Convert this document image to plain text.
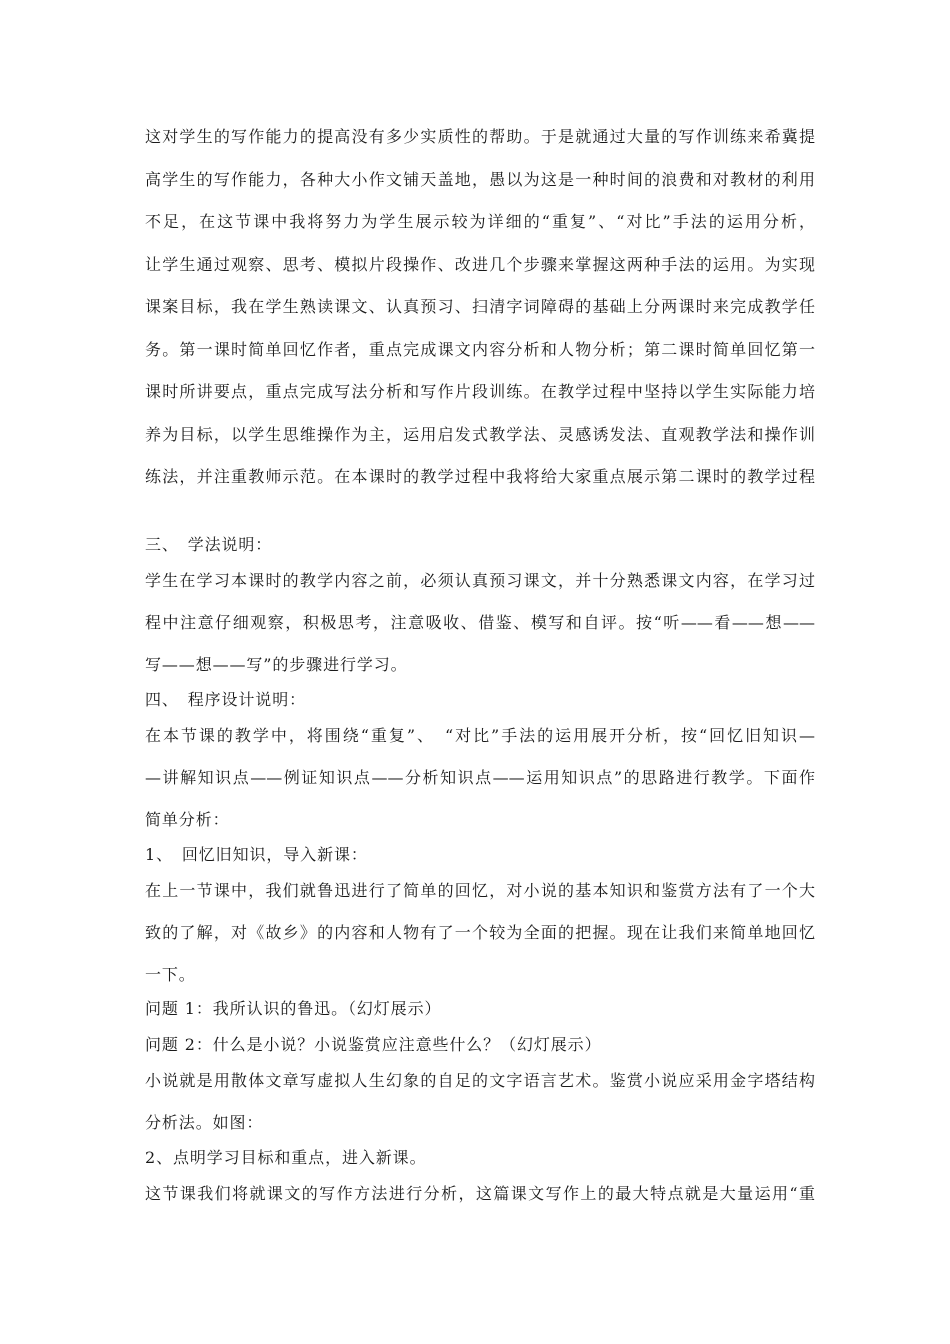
这对学生的写作能力的提高没有多少实质性的帮助。于是就通过大量的写作训练来希冀提
高学生的写作能力，各种大小作文铺天盖地，愚以为这是一种时间的浪费和对教材的利用
不足，在这节课中我将努力为学生展示较为详细的“重复”、“对比”手法的运用分析，
让学生通过观察、思考、模拟片段操作、改进几个步骤来掌握这两种手法的运用。为实现
课案目标，我在学生熟读课文、认真预习、扫清字词障碍的基础上分两课时来完成教学任
务。第一课时简单回忆作者，重点完成课文内容分析和人物分析；第二课时简单回忆第一
课时所讲要点，重点完成写法分析和写作片段训练。在教学过程中坚持以学生实际能力培
养为目标，以学生思维操作为主，运用启发式教学法、灵感诱发法、直观教学法和操作训
练法，并注重教师示范。在本课时的教学过程中我将给大家重点展示第二课时的教学过程
三、　学法说明：
学生在学习本课时的教学内容之前，必须认真预习课文，并十分熟悉课文内容，在学习过
程中注意仔细观察，积极思考，注意吸收、借鉴、模写和自评。按“听——看——想——
写——想——写”的步骤进行学习。
四、　程序设计说明：
在本节课的教学中，将围绕“重复”、　“对比”手法的运用展开分析，按“回忆旧知识—
—讲解知识点——例证知识点——分析知识点——运用知识点”的思路进行教学。下面作
简单分析：
1、　回忆旧知识，导入新课：
在上一节课中，我们就鲁迅进行了简单的回忆，对小说的基本知识和鉴赏方法有了一个大
致的了解，对《故乡》的内容和人物有了一个较为全面的把握。现在让我们来简单地回忆
一下。
问题 1：我所认识的鲁迅。（幻灯展示）
问题 2：什么是小说？小说鉴赏应注意些什么？（幻灯展示）
小说就是用散体文章写虚拟人生幻象的自足的文字语言艺术。鉴赏小说应采用金字塔结构
分析法。如图：
2、点明学习目标和重点，进入新课。
这节课我们将就课文的写作方法进行分析，这篇课文写作上的最大特点就是大量运用“重
